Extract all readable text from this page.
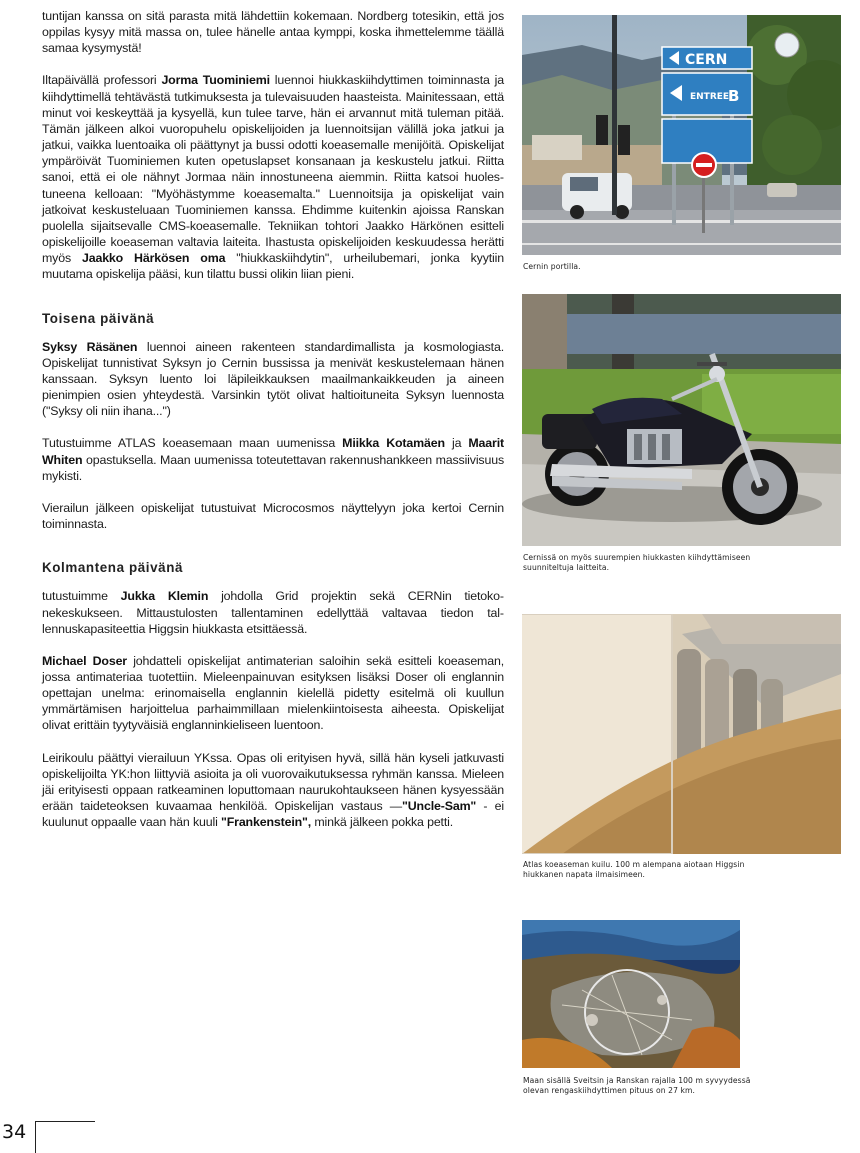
tuntijan kanssa on sitä parasta mitä lähdettiin kokemaan. Nordberg totesikin, että jos oppilas kysyy mitä massa on, tulee hänelle antaa kymppi, koska ihmettelemme täällä samaa kysymystä!

Iltapäivällä professori Jorma Tuominiemi luennoi hiukkaskiihdyttimen toiminnasta ja kiihdyttimellä tehtävästä tutkimuksesta ja tulevaisuuden haasteista. Mainitessaan, että minut voi keskeyttää ja kysyellä, kun tulee tarve, hän ei arvannut mitä tuleman pitää. Tämän jälkeen alkoi vuoropuhelu opiskelijoiden ja luennoitsijan välillä joka jatkui ja jatkui, vaikka luentoaika oli päättynyt ja bussi odotti koeasemalle menijöitä. Opiskelijat ympäröivät Tuominiemen kuten opetuslapset konsanaan ja keskustelu jatkui. Riitta sanoi, että ei ole nähnyt Jormaa näin innostuneena aiemmin. Riitta katsoi huolestuneena kelloaan: "Myöhästymme koeasemalta." Luennoitsija ja opiskelijat vain jatkoivat keskusteluaan Tuominiemen kanssa. Ehdimme kuitenkin ajoissa Ranskan puolella sijaitsevalle CMS-koeasemalle. Tekniikan tohtori Jaakko Härkönen esitteli opiskelijoille koeaseman valtavia laiteita. Ihastusta opiskelijoiden keskuudessa herätti myös Jaakko Härkösen oma "hiukkaskiihdytin", urheilubemari, jonka kyytiin muutama opiskelija pääsi, kun tilattu bussi olikin liian pieni.

Toisena päivänä

Syksy Räsänen luennoi aineen rakenteen standardimallista ja kosmologiasta. Opiskelijat tunnistivat Syksyn jo Cernin bussissa ja menivät keskustelemaan hänen kanssaan. Syksyn luento loi läpileikkauksen maailmankaikkeuden ja aineen pienimpien osien yhteydestä. Varsinkin tytöt olivat haltioituneita Syksyn luennosta ("Syksy oli niin ihana...")

Tutustuimme ATLAS koeasemaan maan uumenissa Miikka Kotamäen ja Maarit Whiten opastuksella. Maan uumenissa toteutettavan rakennushankkeen massiivisuus mykisti.

Vierailun jälkeen opiskelijat tutustuivat Microcosmos näyttelyyn joka kertoi Cernin toiminnasta.

Kolmantena päivänä

tutustuimme Jukka Klemin johdolla Grid projektin sekä CERNin tietokonekeskukseen. Mittaustulosten tallentaminen edellyttää valtavaa tiedon tallennuskapasiteettia Higgsin hiukkasta etsittäessä.

Michael Doser johdatteli opiskelijat antimaterian saloihin sekä esitteli koeaseman, jossa antimateriaa tuotettiin. Mieleenpainuvan esityksen lisäksi Doser oli englannin opettajan unelma: erinomaisella englannin kielellä pidetty esitelmä oli kuullun ymmärtämisen harjoittelua parhaimmillaan mielenkiintoisesta aiheesta. Opiskelijat olivat erittäin tyytyväisiä englanninkieliseen luentoon.

Leirikoulu päättyi vierailuun YKssa. Opas oli erityisen hyvä, sillä hän kyseli jatkuvasti opiskelijoilta YK:hon liittyviä asioita ja oli vuorovaikutuksessa ryhmän kanssa. Mieleen jäi erityisesti oppaan ratkeaminen loputtomaan naurukohtaukseen hänen kysyessään erään taideteoksen kuvaamaa henkilöä. Opiskelijan vastaus —"Uncle-Sam" - ei kuulunut oppaalle vaan hän kuuli "Frankenstein", minkä jälkeen pokka petti.

CERN
ENTREE
B
Cernin portilla.
Cernissä on myös suurempien hiukkasten kiihdyttämiseen suunniteltuja laitteita.
Atlas koeaseman kuilu. 100 m alempana aiotaan Higgsin hiukkanen napata ilmaisimeen.
Maan sisällä Sveitsin ja Ranskan rajalla 100 m syvyydessä olevan rengaskiihdyttimen pituus on 27 km.
34
